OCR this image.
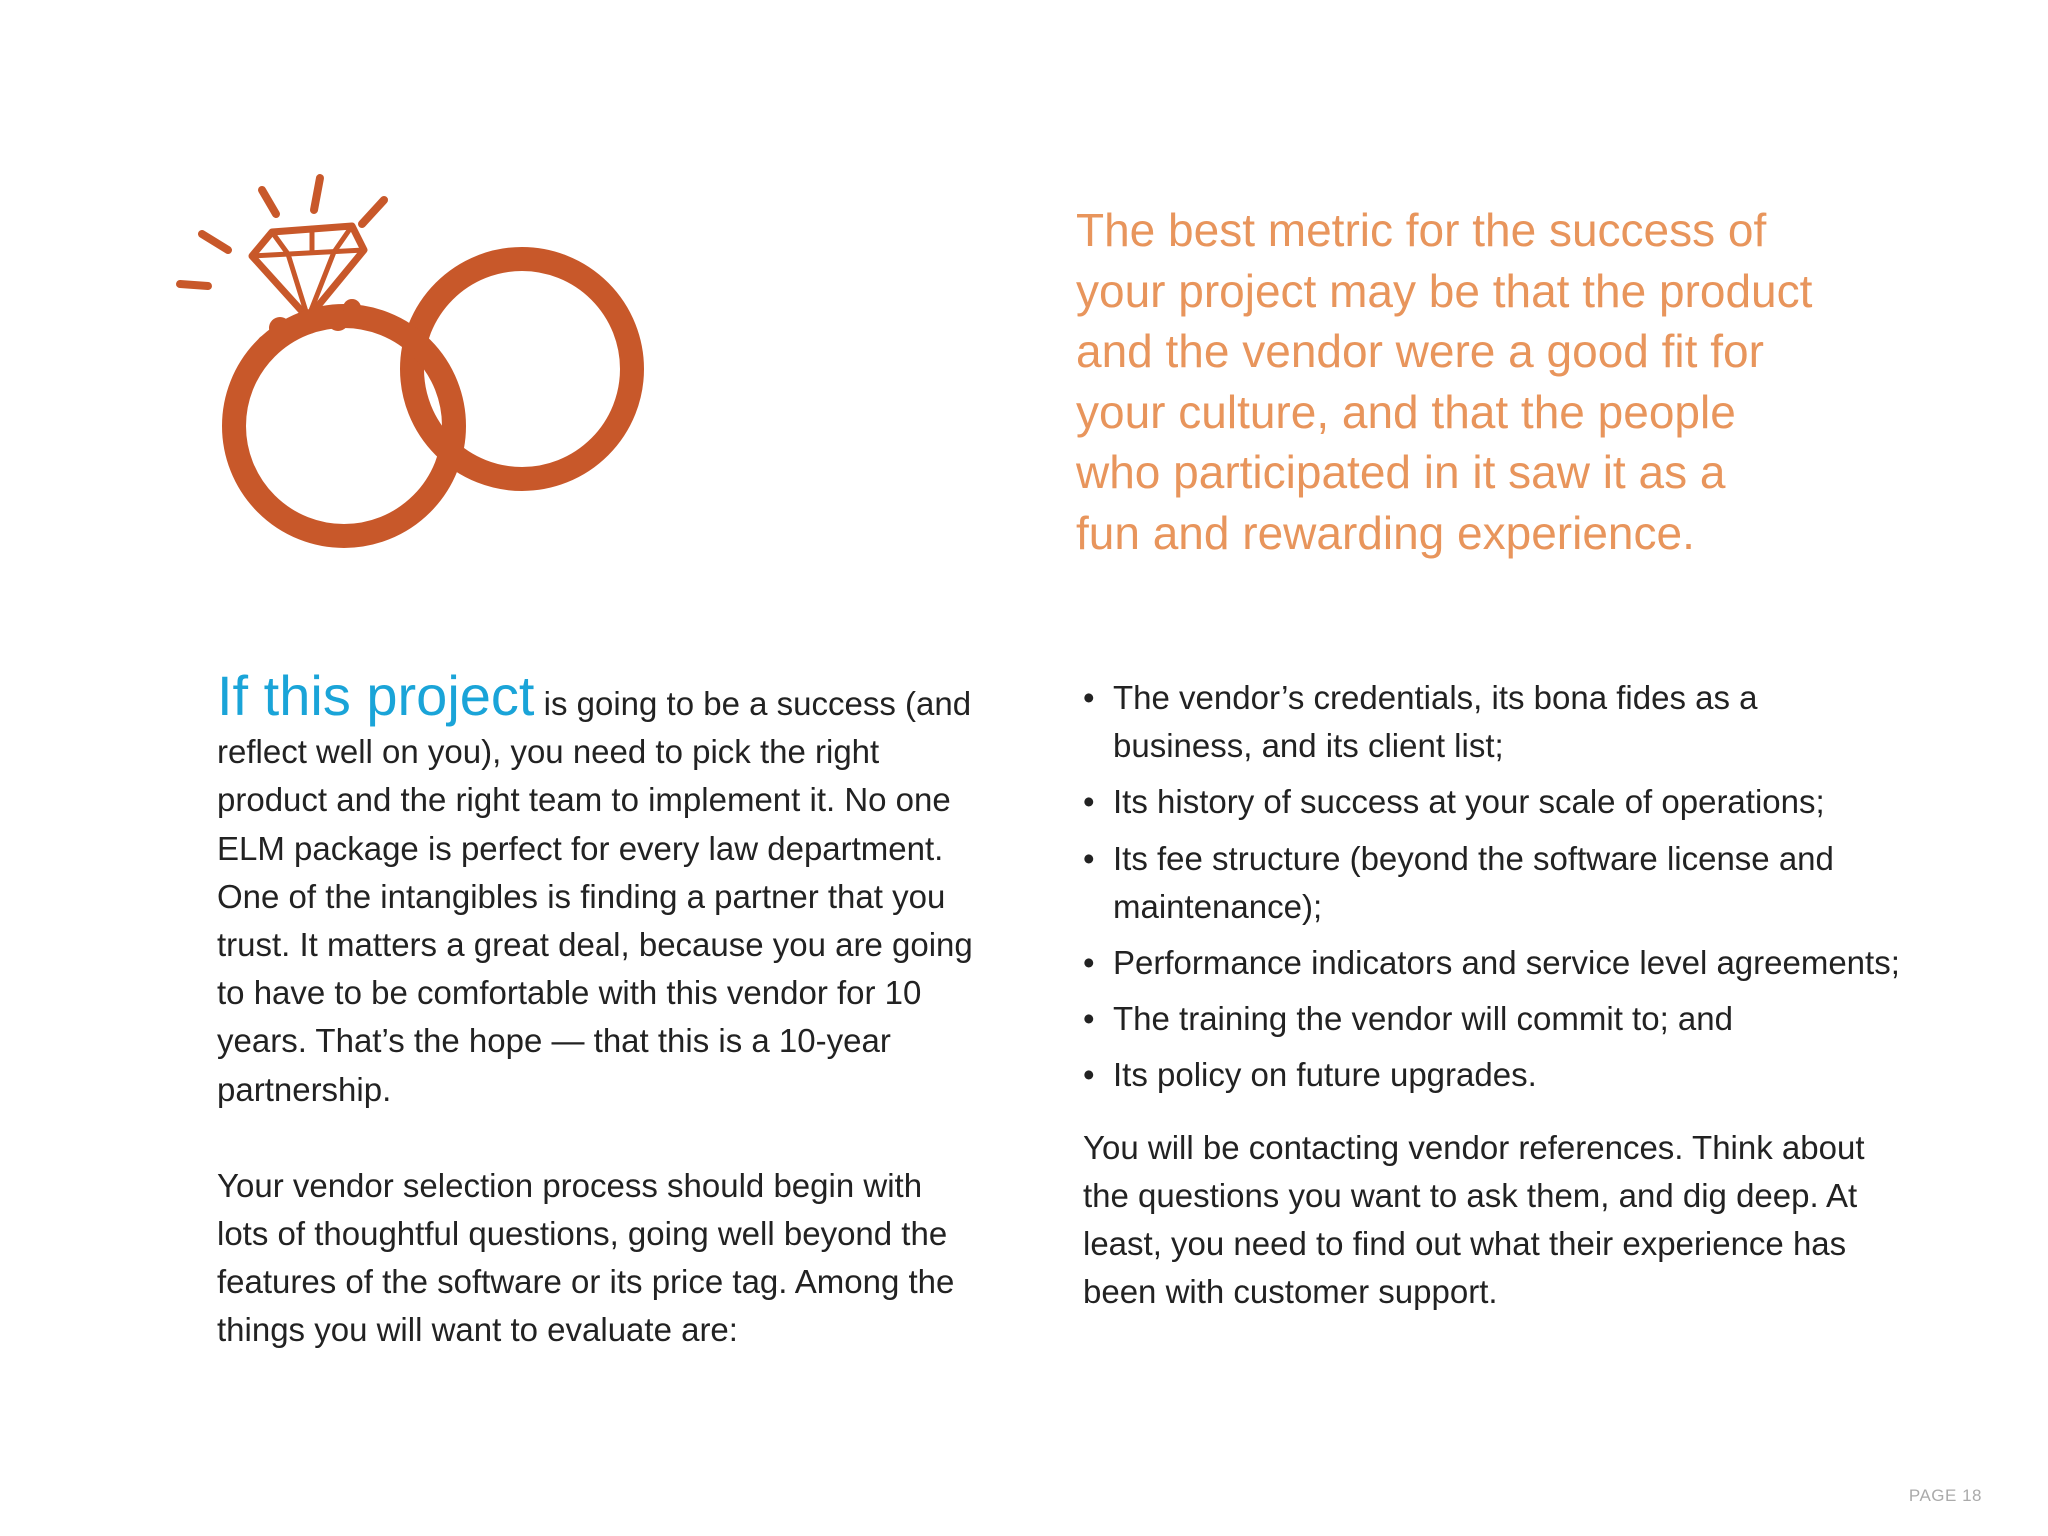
The best metric for the success of
your project may be that the product
and the vendor were a good fit for
your culture, and that the people
who participated in it saw it as a
fun and rewarding experience.

If this project is going to be a success (and reflect well on you), you need to pick the right product and the right team to implement it. No one ELM package is perfect for every law department. One of the intangibles is finding a partner that you trust. It matters a great deal, because you are going to have to be comfortable with this vendor for 10 years. That’s the hope — that this is a 10-year partnership.

Your vendor selection process should begin with lots of thoughtful questions, going well beyond the features of the software or its price tag. Among the things you will want to evaluate are:

• The vendor’s credentials, its bona fides as a business, and its client list;
• Its history of success at your scale of operations;
• Its fee structure (beyond the software license and maintenance);
• Performance indicators and service level agreements;
• The training the vendor will commit to; and
• Its policy on future upgrades.

You will be contacting vendor references. Think about the questions you want to ask them, and dig deep. At least, you need to find out what their experience has been with customer support.

PAGE 18
